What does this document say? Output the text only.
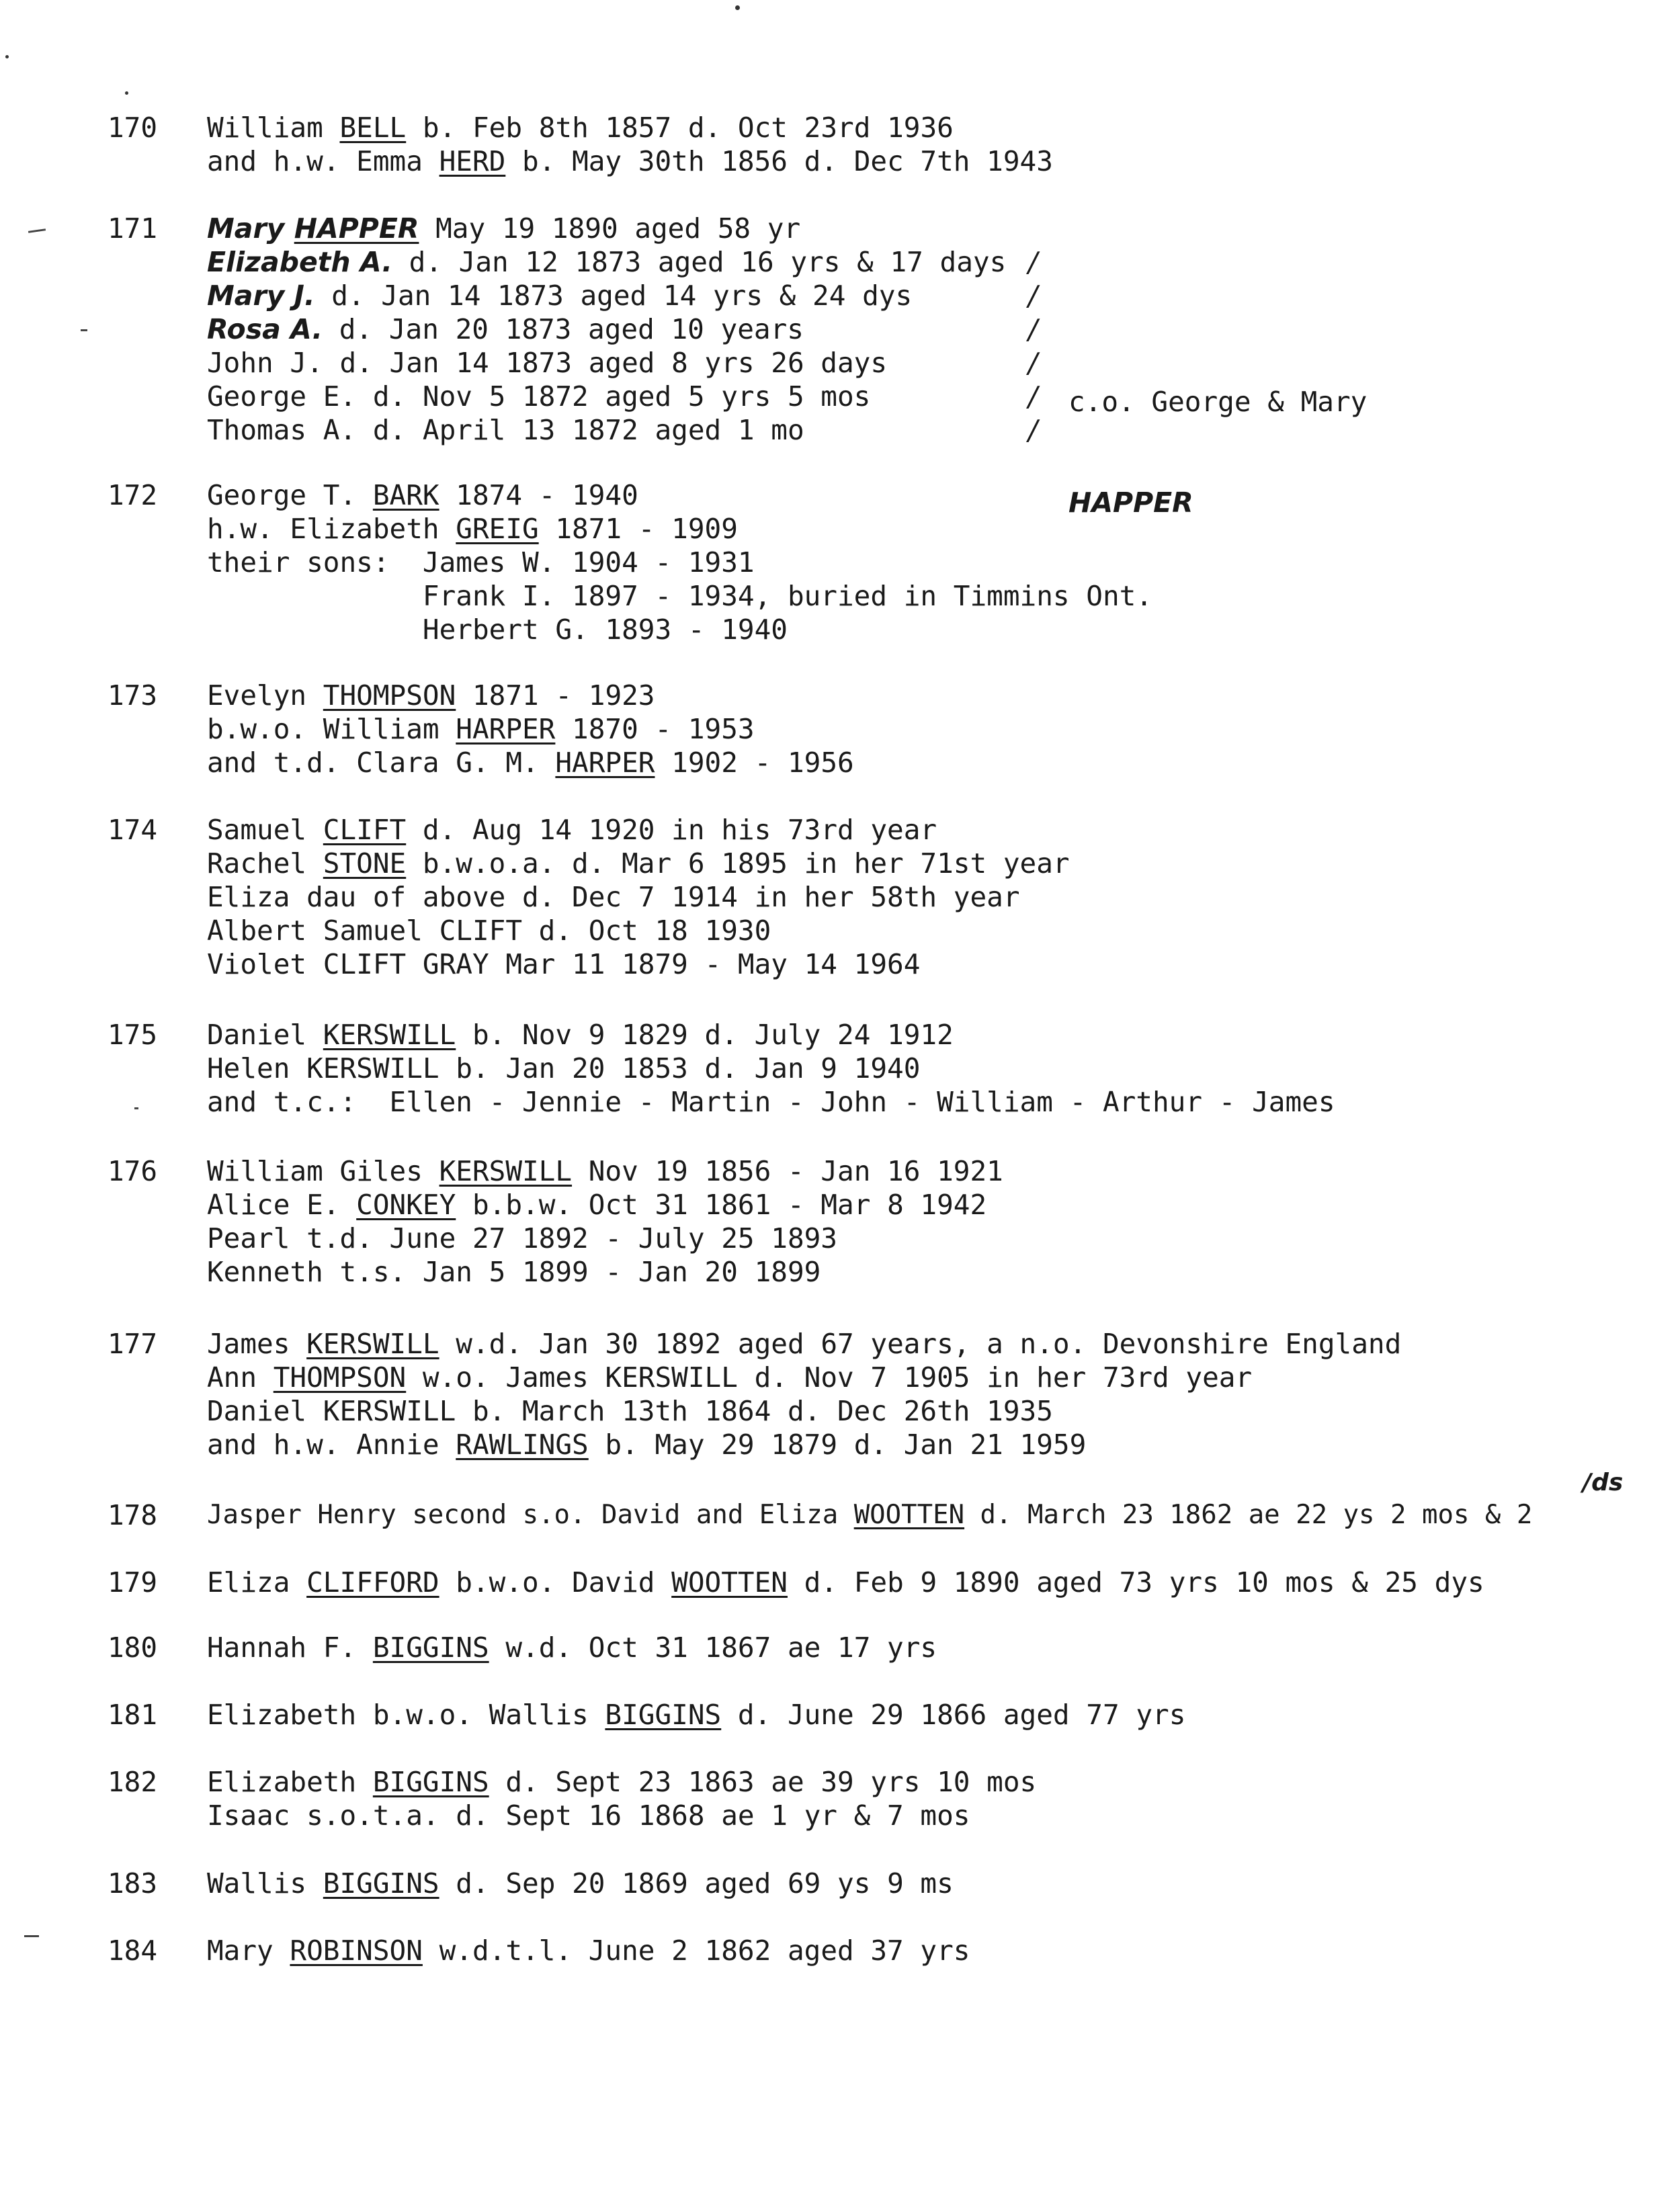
170 William BELL b. Feb 8th 1857 d. Oct 23rd 1936
and h.w. Emma HERD b. May 30th 1856 d. Dec 7th 1943
171 Mary HAPPER May 19 1890 aged 58 yr
Elizabeth A. d. Jan 12 1873 aged 16 yrs & 17 days
Mary J. d. Jan 14 1873 aged 14 yrs & 24 dys
Rosa A. d. Jan 20 1873 aged 10 years
John J. d. Jan 14 1873 aged 8 yrs 26 days
George E. d. Nov 5 1872 aged 5 yrs 5 mos
Thomas A. d. April 13 1872 aged 1 mo
/
/
/
/
/
/

c.o. George & Mary

HAPPER

172 George T. BARK 1874 - 1940
h.w. Elizabeth GREIG 1871 - 1909
their sons:  James W. 1904 - 1931
Frank I. 1897 - 1934, buried in Timmins Ont.
Herbert G. 1893 - 1940
173 Evelyn THOMPSON 1871 - 1923
b.w.o. William HARPER 1870 - 1953
and t.d. Clara G. M. HARPER 1902 - 1956
174 Samuel CLIFT d. Aug 14 1920 in his 73rd year
Rachel STONE b.w.o.a. d. Mar 6 1895 in her 71st year
Eliza dau of above d. Dec 7 1914 in her 58th year
Albert Samuel CLIFT d. Oct 18 1930
Violet CLIFT GRAY Mar 11 1879 - May 14 1964
175 Daniel KERSWILL b. Nov 9 1829 d. July 24 1912
Helen KERSWILL b. Jan 20 1853 d. Jan 9 1940
and t.c.:  Ellen - Jennie - Martin - John - William - Arthur - James
176 William Giles KERSWILL Nov 19 1856 - Jan 16 1921
Alice E. CONKEY b.b.w. Oct 31 1861 - Mar 8 1942
Pearl t.d. June 27 1892 - July 25 1893
Kenneth t.s. Jan 5 1899 - Jan 20 1899
177 James KERSWILL w.d. Jan 30 1892 aged 67 years, a n.o. Devonshire England
Ann THOMPSON w.o. James KERSWILL d. Nov 7 1905 in her 73rd year
Daniel KERSWILL b. March 13th 1864 d. Dec 26th 1935
and h.w. Annie RAWLINGS b. May 29 1879 d. Jan 21 1959
178
/ds
Jasper Henry second s.o. David and Eliza WOOTTEN d. March 23 1862 ae 22 ys 2 mos & 2
179 Eliza CLIFFORD b.w.o. David WOOTTEN d. Feb 9 1890 aged 73 yrs 10 mos & 25 dys
180 Hannah F. BIGGINS w.d. Oct 31 1867 ae 17 yrs
181 Elizabeth b.w.o. Wallis BIGGINS d. June 29 1866 aged 77 yrs
182 Elizabeth BIGGINS d. Sept 23 1863 ae 39 yrs 10 mos
Isaac s.o.t.a. d. Sept 16 1868 ae 1 yr & 7 mos
183 Wallis BIGGINS d. Sep 20 1869 aged 69 ys 9 ms
184 Mary ROBINSON w.d.t.l. June 2 1862 aged 37 yrs
